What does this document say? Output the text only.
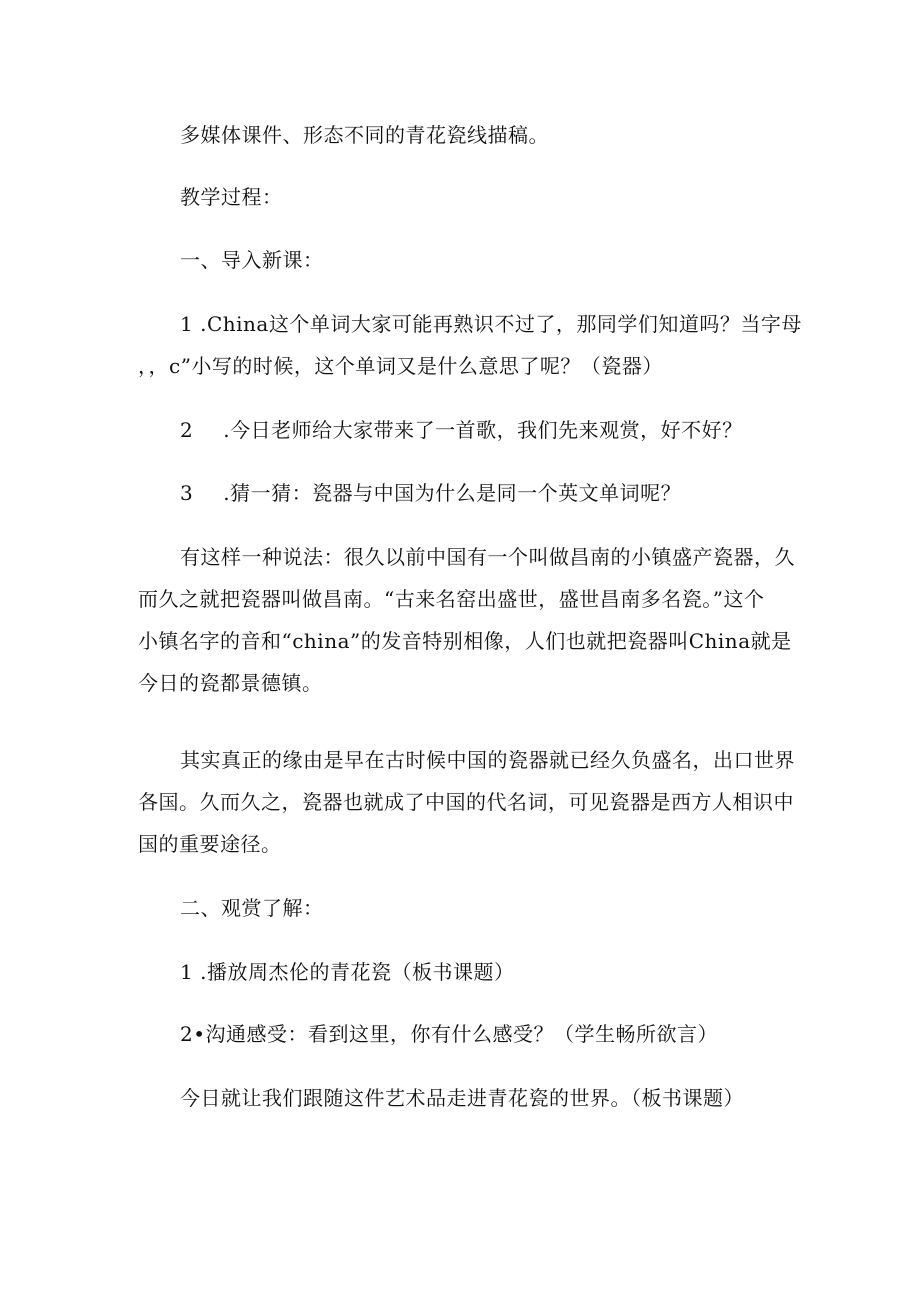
多媒体课件、形态不同的青花瓷线描稿。
教学过程：
一、导入新课：
1 .China这个单词大家可能再熟识不过了，那同学们知道吗？当字母
，，c”小写的时候，这个单词又是什么意思了呢？（瓷器）
2 .今日老师给大家带来了一首歌，我们先来观赏，好不好？
3 .猜一猜：瓷器与中国为什么是同一个英文单词呢？
有这样一种说法：很久以前中国有一个叫做昌南的小镇盛产瓷器，久
而久之就把瓷器叫做昌南。“古来名窑出盛世，盛世昌南多名瓷。”这个
小镇名字的音和“china”的发音特别相像，人们也就把瓷器叫China就是
今日的瓷都景德镇。
其实真正的缘由是早在古时候中国的瓷器就已经久负盛名，出口世界
各国。久而久之，瓷器也就成了中国的代名词，可见瓷器是西方人相识中
国的重要途径。
二、观赏了解：
1 .播放周杰伦的青花瓷（板书课题）
2•沟通感受：看到这里，你有什么感受？（学生畅所欲言）
今日就让我们跟随这件艺术品走进青花瓷的世界。（板书课题）
